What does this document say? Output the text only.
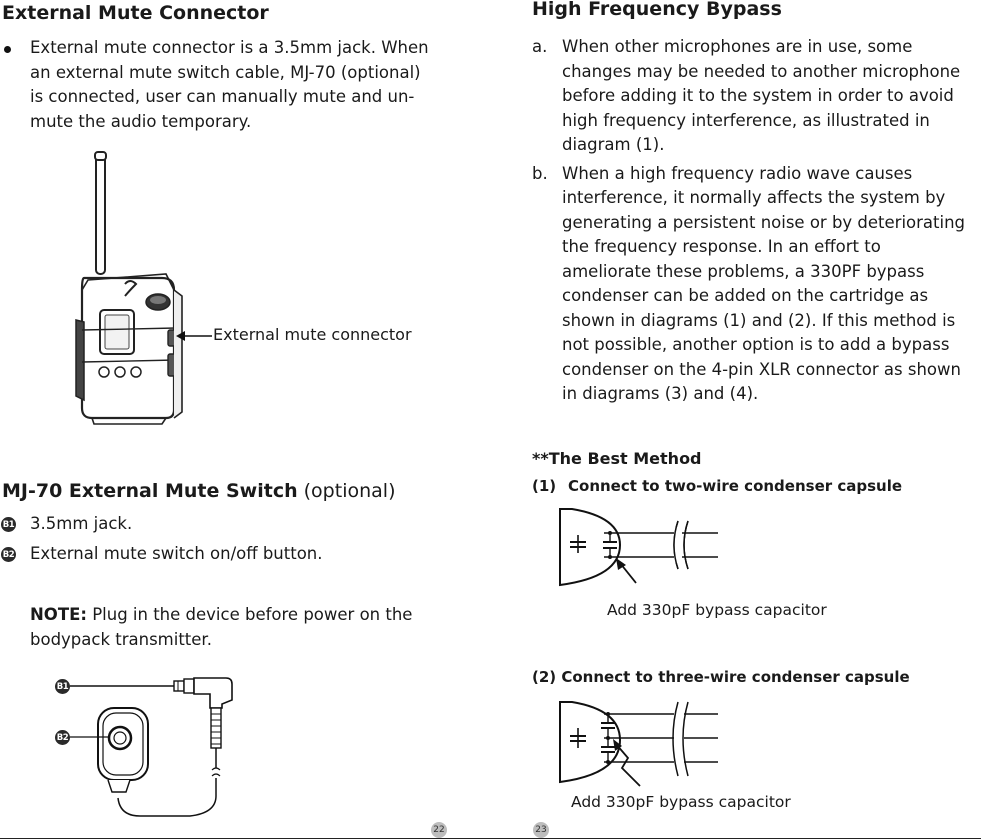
External Mute Connector
External mute connector is a 3.5mm jack. When
an external mute switch cable, MJ-70 (optional)
is connected, user can manually mute and un-
mute the audio temporary.
External mute connector
MJ-70 External Mute Switch (optional)
B1 3.5mm jack.
B2 External mute switch on/off button.
NOTE: Plug in the device before power on the
bodypack transmitter.
B1
B2
22
High Frequency Bypass
a. When other microphones are in use, some
changes may be needed to another microphone
before adding it to the system in order to avoid
high frequency interference, as illustrated in
diagram (1).
b. When a high frequency radio wave causes
interference, it normally affects the system by
generating a persistent noise or by deteriorating
the frequency response. In an effort to
ameliorate these problems, a 330PF bypass
condenser can be added on the cartridge as
shown in diagrams (1) and (2). If this method is
not possible, another option is to add a bypass
condenser on the 4-pin XLR connector as shown
in diagrams (3) and (4).
**The Best Method
(1) Connect to two-wire condenser capsule
Add 330pF bypass capacitor
(2) Connect to three-wire condenser capsule
Add 330pF bypass capacitor
23
